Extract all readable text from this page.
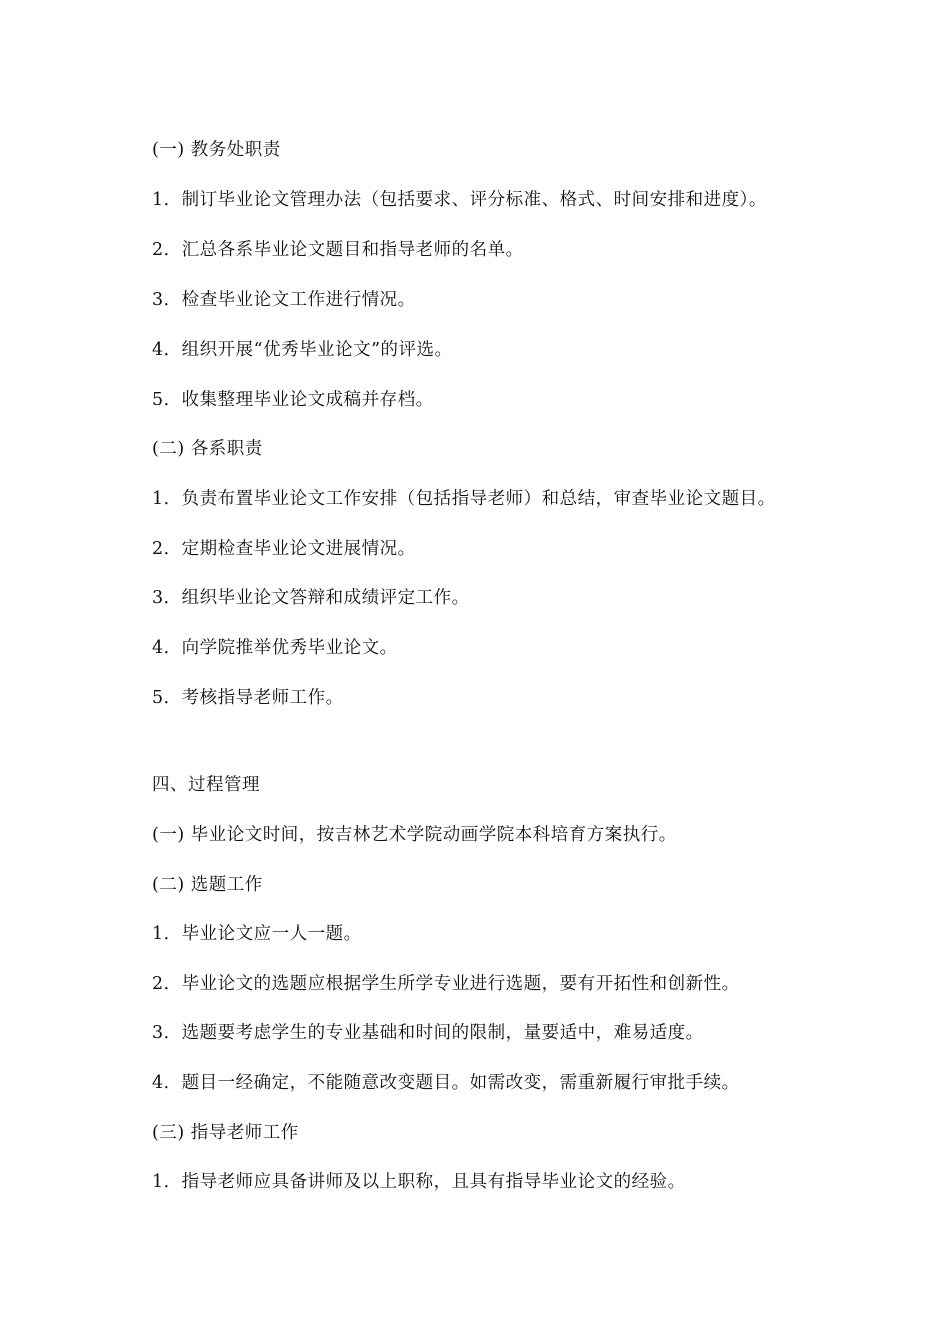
(一) 教务处职责
1．制订毕业论文管理办法（包括要求、评分标准、格式、时间安排和进度）。
2．汇总各系毕业论文题目和指导老师的名单。
3．检查毕业论文工作进行情况。
4．组织开展“优秀毕业论文”的评选。
5．收集整理毕业论文成稿并存档。
(二) 各系职责
1．负责布置毕业论文工作安排（包括指导老师）和总结，审查毕业论文题目。
2．定期检查毕业论文进展情况。
3．组织毕业论文答辩和成绩评定工作。
4．向学院推举优秀毕业论文。
5．考核指导老师工作。
四、过程管理
(一) 毕业论文时间，按吉林艺术学院动画学院本科培育方案执行。
(二) 选题工作
1．毕业论文应一人一题。
2．毕业论文的选题应根据学生所学专业进行选题，要有开拓性和创新性。
3．选题要考虑学生的专业基础和时间的限制，量要适中，难易适度。
4．题目一经确定，不能随意改变题目。如需改变，需重新履行审批手续。
(三) 指导老师工作
1．指导老师应具备讲师及以上职称，且具有指导毕业论文的经验。
